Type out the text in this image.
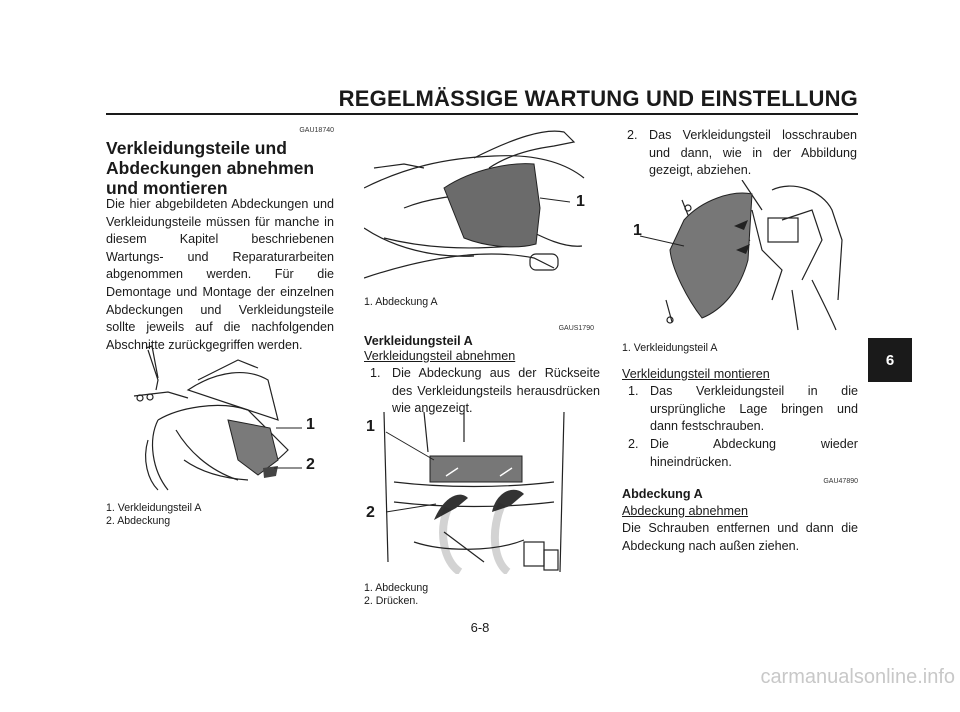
REGELMÄSSIGE WARTUNG UND EINSTELLUNG
6
GAU18740
Verkleidungsteile und Abdeckungen abnehmen und montieren
Die hier abgebildeten Abdeckungen und Verkleidungsteile müssen für manche in diesem Kapitel beschriebenen Wartungs- und Reparaturarbeiten abgenommen werden. Für die Demontage und Montage der einzelnen Abdeckungen und Verkleidungsteile sollte jeweils auf die nachfolgenden Abschnitte zurückgegriffen werden.
1
2

1. Verkleidungsteil A

2. Abdeckung

1
1. Abdeckung A
GAUS1790
Verkleidungsteil A
Verkleidungsteil abnehmen
1. Die Abdeckung aus der Rückseite des Verkleidungsteils herausdrücken wie angezeigt.
1
2

1. Abdeckung

2. Drücken.

2. Das Verkleidungsteil losschrauben und dann, wie in der Abbildung gezeigt, abziehen.
1
1. Verkleidungsteil A
Verkleidungsteil montieren
1. Das Verkleidungsteil in die ursprüngliche Lage bringen und dann festschrauben.
2. Die Abdeckung wieder hineindrücken.
GAU47890
Abdeckung A
Abdeckung abnehmen
Die Schrauben entfernen und dann die Abdeckung nach außen ziehen.
6-8
carmanualsonline.info
